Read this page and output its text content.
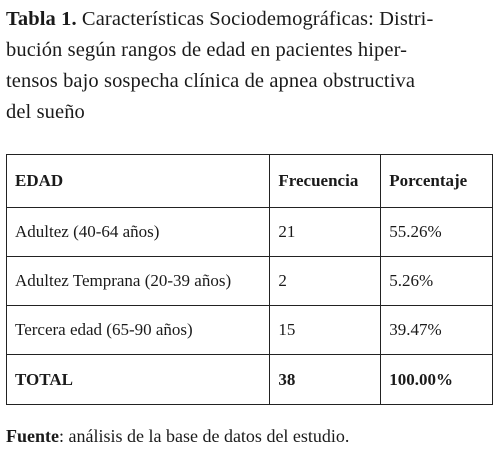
Tabla 1. Características Sociodemográficas: Distri-
bución según rangos de edad en pacientes hiper-
tensos bajo sospecha clínica de apnea obstructiva
del sueño
EDAD	Frecuencia	Porcentaje
Adultez (40-64 años)	21	55.26%
Adultez Temprana (20-39 años)	2	5.26%
Tercera edad (65-90 años)	15	39.47%
TOTAL	38	100.00%
Fuente: análisis de la base de datos del estudio.
